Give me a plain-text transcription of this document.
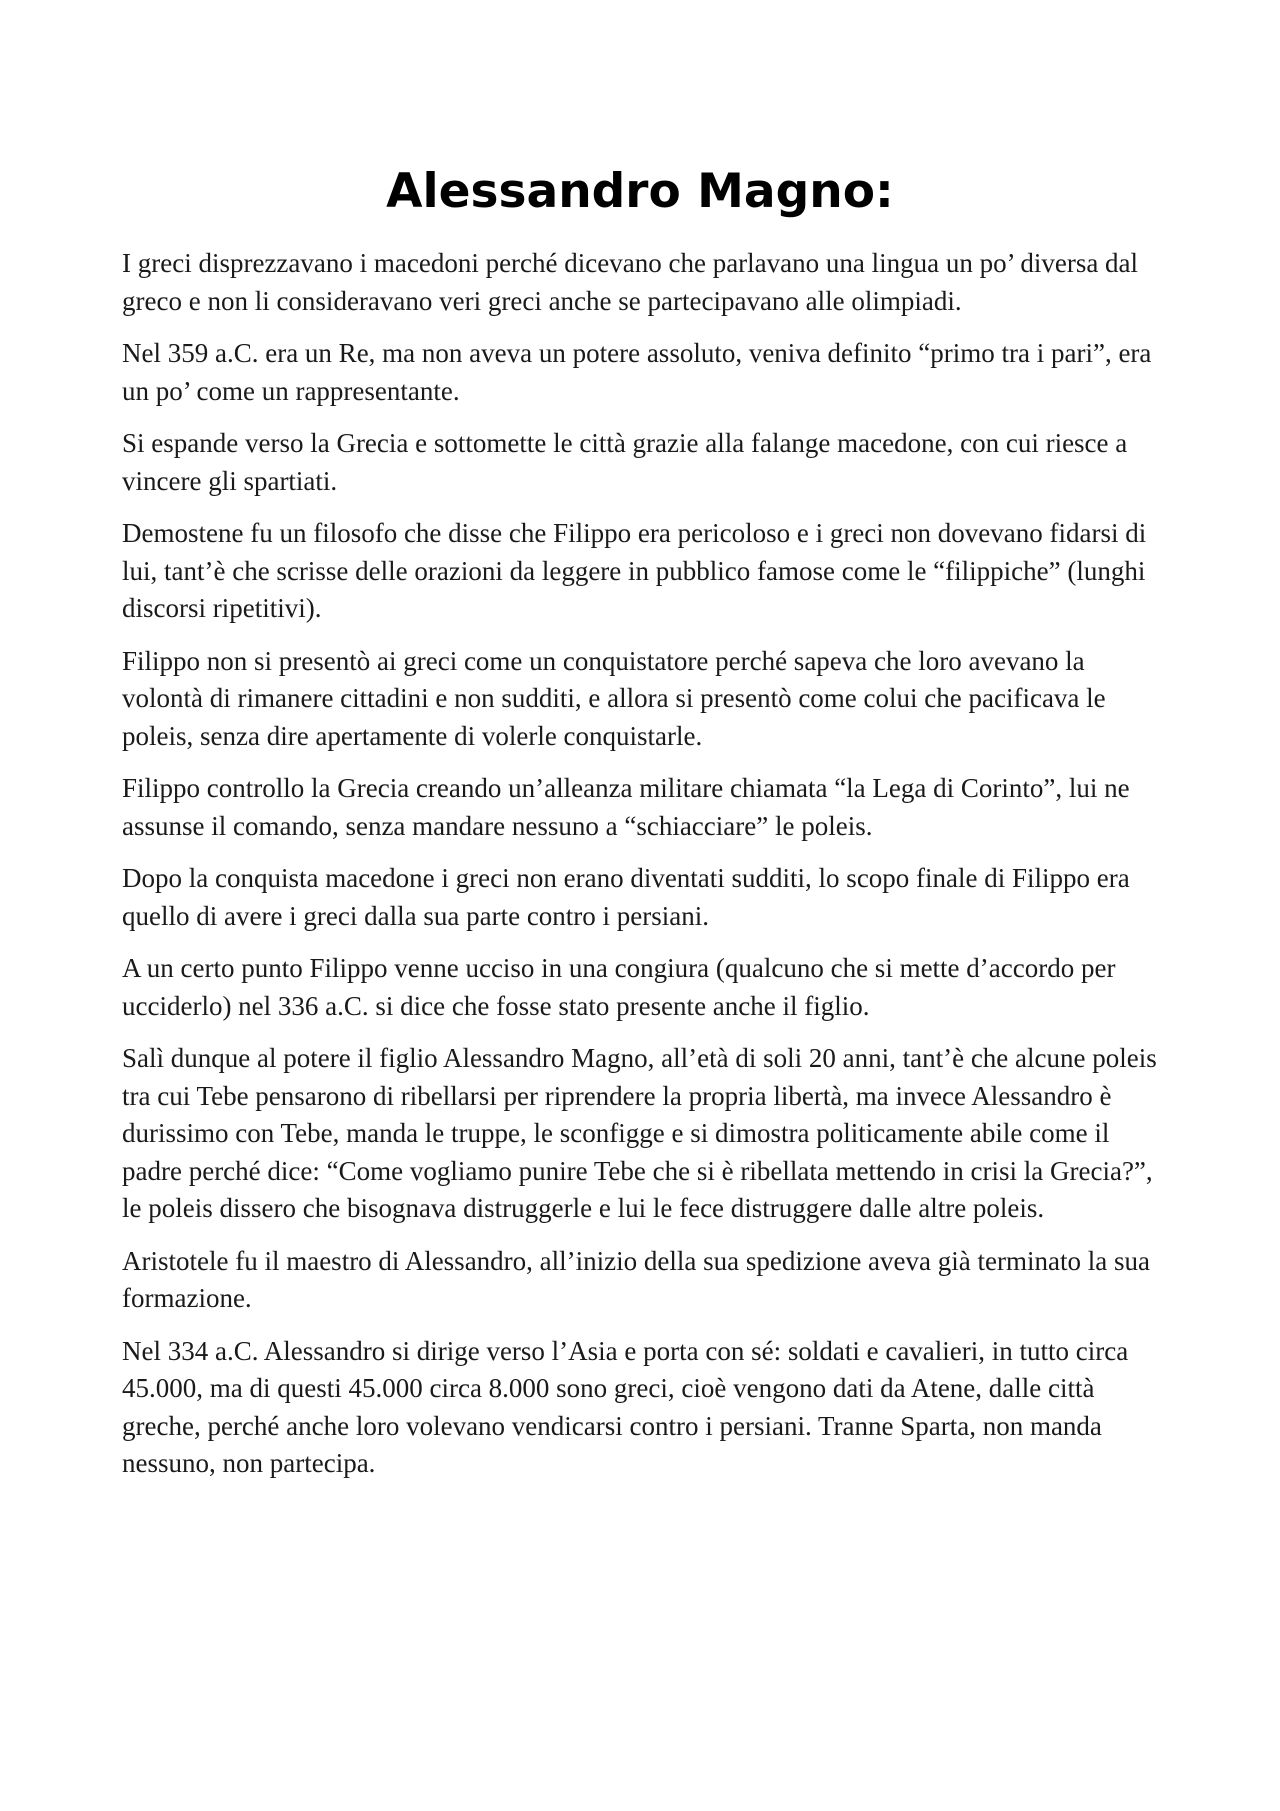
Alessandro Magno:

I greci disprezzavano i macedoni perché dicevano che parlavano una lingua un po’ diversa dal greco e non li consideravano veri greci anche se partecipavano alle olimpiadi.

Nel 359 a.C. era un Re, ma non aveva un potere assoluto, veniva definito “primo tra i pari”, era un po’ come un rappresentante.

Si espande verso la Grecia e sottomette le città grazie alla falange macedone, con cui riesce a vincere gli spartiati.

Demostene fu un filosofo che disse che Filippo era pericoloso e i greci non dovevano fidarsi di lui, tant’è che scrisse delle orazioni da leggere in pubblico famose come le “filippiche” (lunghi discorsi ripetitivi).

Filippo non si presentò ai greci come un conquistatore perché sapeva che loro avevano la volontà di rimanere cittadini e non sudditi, e allora si presentò come colui che pacificava le poleis, senza dire apertamente di volerle conquistarle.

Filippo controllo la Grecia creando un’alleanza militare chiamata “la Lega di Corinto”, lui ne assunse il comando, senza mandare nessuno a “schiacciare” le poleis.

Dopo la conquista macedone i greci non erano diventati sudditi, lo scopo finale di Filippo era quello di avere i greci dalla sua parte contro i persiani.

A un certo punto Filippo venne ucciso in una congiura (qualcuno che si mette d’accordo per ucciderlo) nel 336 a.C. si dice che fosse stato presente anche il figlio.

Salì dunque al potere il figlio Alessandro Magno, all’età di soli 20 anni, tant’è che alcune poleis tra cui Tebe pensarono di ribellarsi per riprendere la propria libertà, ma invece Alessandro è durissimo con Tebe, manda le truppe, le sconfigge e si dimostra politicamente abile come il padre perché dice: “Come vogliamo punire Tebe che si è ribellata mettendo in crisi la Grecia?”, le poleis dissero che bisognava distruggerle e lui le fece distruggere dalle altre poleis.

Aristotele fu il maestro di Alessandro, all’inizio della sua spedizione aveva già terminato la sua formazione.

Nel 334 a.C. Alessandro si dirige verso l’Asia e porta con sé: soldati e cavalieri, in tutto circa 45.000, ma di questi 45.000 circa 8.000 sono greci, cioè vengono dati da Atene, dalle città greche, perché anche loro volevano vendicarsi contro i persiani. Tranne Sparta, non manda nessuno, non partecipa.
